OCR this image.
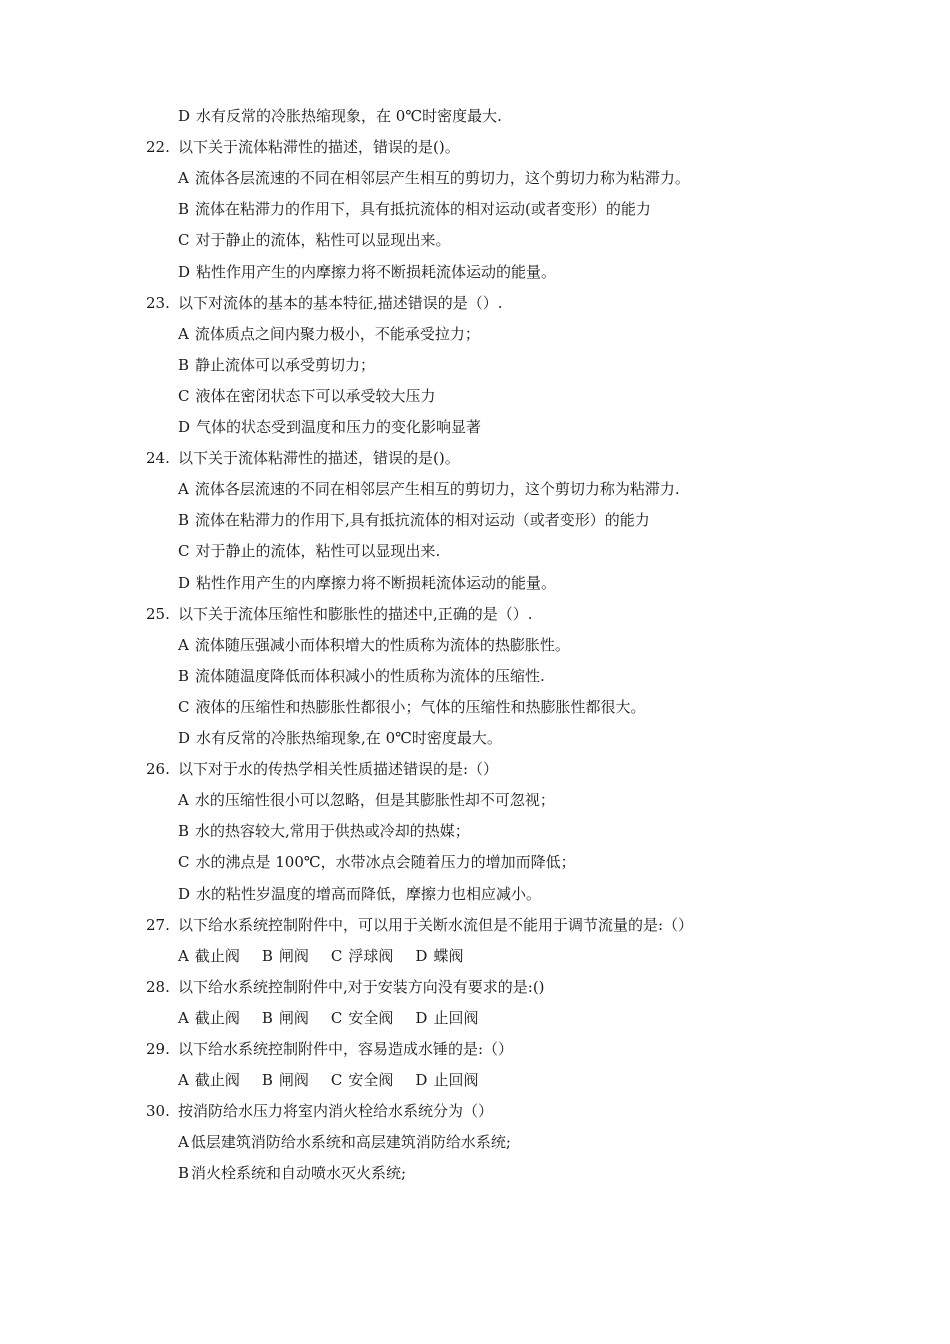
D 水有反常的冷胀热缩现象，在 0℃时密度最大.
22. 以下关于流体粘滞性的描述，错误的是()。
A 流体各层流速的不同在相邻层产生相互的剪切力，这个剪切力称为粘滞力。
B 流体在粘滞力的作用下，具有抵抗流体的相对运动(或者变形）的能力
C 对于静止的流体，粘性可以显现出来。
D 粘性作用产生的内摩擦力将不断损耗流体运动的能量。
23. 以下对流体的基本的基本特征,描述错误的是（）.
A 流体质点之间内聚力极小，不能承受拉力；
B 静止流体可以承受剪切力；
C 液体在密闭状态下可以承受较大压力
D 气体的状态受到温度和压力的变化影响显著
24. 以下关于流体粘滞性的描述，错误的是()。
A 流体各层流速的不同在相邻层产生相互的剪切力，这个剪切力称为粘滞力.
B 流体在粘滞力的作用下,具有抵抗流体的相对运动（或者变形）的能力
C 对于静止的流体，粘性可以显现出来.
D 粘性作用产生的内摩擦力将不断损耗流体运动的能量。
25. 以下关于流体压缩性和膨胀性的描述中,正确的是（）.
A 流体随压强减小而体积增大的性质称为流体的热膨胀性。
B 流体随温度降低而体积减小的性质称为流体的压缩性.
C 液体的压缩性和热膨胀性都很小；气体的压缩性和热膨胀性都很大。
D 水有反常的冷胀热缩现象,在 0℃时密度最大。
26. 以下对于水的传热学相关性质描述错误的是:（）
A 水的压缩性很小可以忽略，但是其膨胀性却不可忽视；
B 水的热容较大,常用于供热或冷却的热媒；
C 水的沸点是 100℃，水带冰点会随着压力的增加而降低；
D 水的粘性岁温度的增高而降低，摩擦力也相应减小。
27. 以下给水系统控制附件中，可以用于关断水流但是不能用于调节流量的是:（）
A 截止阀 B 闸阀 C 浮球阀 D 蝶阀
28. 以下给水系统控制附件中,对于安装方向没有要求的是:()
A 截止阀 B 闸阀 C 安全阀 D 止回阀
29. 以下给水系统控制附件中，容易造成水锤的是:（）
A 截止阀 B 闸阀 C 安全阀 D 止回阀
30. 按消防给水压力将室内消火栓给水系统分为（）
A 低层建筑消防给水系统和高层建筑消防给水系统;
B 消火栓系统和自动喷水灭火系统;
